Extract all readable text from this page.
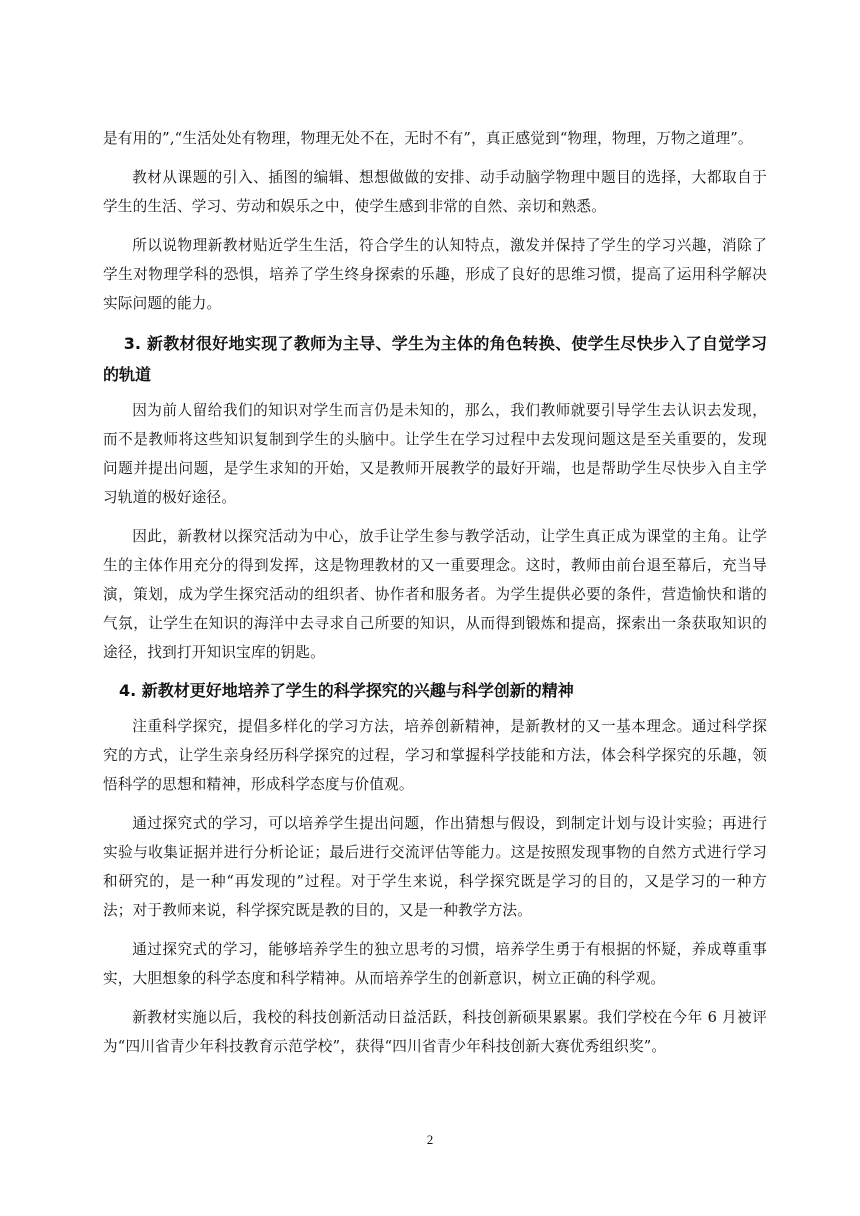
是有用的”,“生活处处有物理，物理无处不在，无时不有”，真正感觉到“物理，物理，万物之道理”。

教材从课题的引入、插图的编辑、想想做做的安排、动手动脑学物理中题目的选择，大都取自于学生的生活、学习、劳动和娱乐之中，使学生感到非常的自然、亲切和熟悉。

所以说物理新教材贴近学生生活，符合学生的认知特点，激发并保持了学生的学习兴趣，消除了学生对物理学科的恐惧，培养了学生终身探索的乐趣，形成了良好的思维习惯，提高了运用科学解决实际问题的能力。

3. 新教材很好地实现了教师为主导、学生为主体的角色转换、使学生尽快步入了自觉学习的轨道

因为前人留给我们的知识对学生而言仍是未知的，那么，我们教师就要引导学生去认识去发现，而不是教师将这些知识复制到学生的头脑中。让学生在学习过程中去发现问题这是至关重要的，发现问题并提出问题，是学生求知的开始，又是教师开展教学的最好开端，也是帮助学生尽快步入自主学习轨道的极好途径。

因此，新教材以探究活动为中心，放手让学生参与教学活动，让学生真正成为课堂的主角。让学生的主体作用充分的得到发挥，这是物理教材的又一重要理念。这时，教师由前台退至幕后，充当导演，策划，成为学生探究活动的组织者、协作者和服务者。为学生提供必要的条件，营造愉快和谐的气氛，让学生在知识的海洋中去寻求自己所要的知识，从而得到锻炼和提高，探索出一条获取知识的途径，找到打开知识宝库的钥匙。

4. 新教材更好地培养了学生的科学探究的兴趣与科学创新的精神

注重科学探究，提倡多样化的学习方法，培养创新精神，是新教材的又一基本理念。通过科学探究的方式，让学生亲身经历科学探究的过程，学习和掌握科学技能和方法，体会科学探究的乐趣，领悟科学的思想和精神，形成科学态度与价值观。

通过探究式的学习，可以培养学生提出问题，作出猜想与假设，到制定计划与设计实验；再进行实验与收集证据并进行分析论证；最后进行交流评估等能力。这是按照发现事物的自然方式进行学习和研究的，是一种“再发现的”过程。对于学生来说，科学探究既是学习的目的，又是学习的一种方法；对于教师来说，科学探究既是教的目的，又是一种教学方法。

通过探究式的学习，能够培养学生的独立思考的习惯，培养学生勇于有根据的怀疑，养成尊重事实，大胆想象的科学态度和科学精神。从而培养学生的创新意识，树立正确的科学观。

新教材实施以后，我校的科技创新活动日益活跃，科技创新硕果累累。我们学校在今年 6 月被评为“四川省青少年科技教育示范学校”，获得“四川省青少年科技创新大赛优秀组织奖”。

2
